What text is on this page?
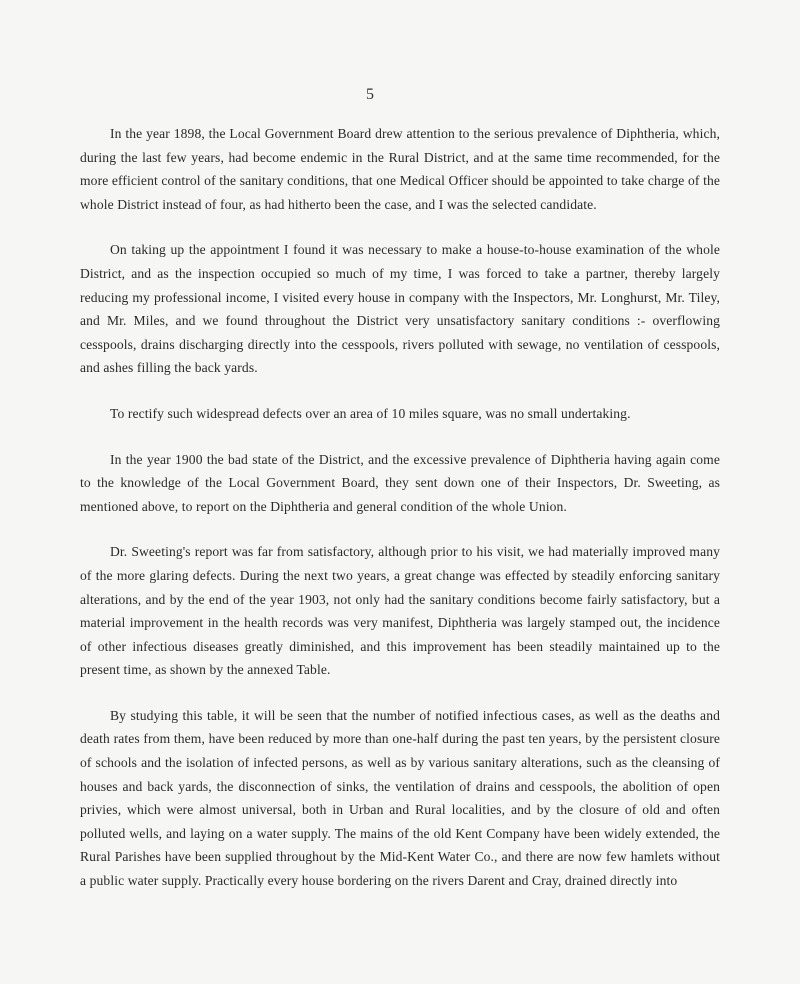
5

In the year 1898, the Local Government Board drew attention to the serious prevalence of Diphtheria, which, during the last few years, had become endemic in the Rural District, and at the same time recommended, for the more efficient control of the sanitary conditions, that one Medical Officer should be appointed to take charge of the whole District instead of four, as had hitherto been the case, and I was the selected candidate.

On taking up the appointment I found it was necessary to make a house-to-house examination of the whole District, and as the inspection occupied so much of my time, I was forced to take a partner, thereby largely reducing my professional income, I visited every house in company with the Inspectors, Mr. Longhurst, Mr. Tiley, and Mr. Miles, and we found throughout the District very unsatisfactory sanitary conditions :- overflowing cesspools, drains discharging directly into the cesspools, rivers polluted with sewage, no ventilation of cesspools, and ashes filling the back yards.

To rectify such widespread defects over an area of 10 miles square, was no small undertaking.

In the year 1900 the bad state of the District, and the excessive prevalence of Diphtheria having again come to the knowledge of the Local Government Board, they sent down one of their Inspectors, Dr. Sweeting, as mentioned above, to report on the Diphtheria and general condition of the whole Union.

Dr. Sweeting's report was far from satisfactory, although prior to his visit, we had materially improved many of the more glaring defects. During the next two years, a great change was effected by steadily enforcing sanitary alterations, and by the end of the year 1903, not only had the sanitary conditions become fairly satisfactory, but a material improvement in the health records was very manifest, Diphtheria was largely stamped out, the incidence of other infectious diseases greatly diminished, and this improvement has been steadily maintained up to the present time, as shown by the annexed Table.

By studying this table, it will be seen that the number of notified infectious cases, as well as the deaths and death rates from them, have been reduced by more than one-half during the past ten years, by the persistent closure of schools and the isolation of infected persons, as well as by various sanitary alterations, such as the cleansing of houses and back yards, the disconnection of sinks, the ventilation of drains and cesspools, the abolition of open privies, which were almost universal, both in Urban and Rural localities, and by the closure of old and often polluted wells, and laying on a water supply. The mains of the old Kent Company have been widely extended, the Rural Parishes have been supplied throughout by the Mid-Kent Water Co., and there are now few hamlets without a public water supply. Practically every house bordering on the rivers Darent and Cray, drained directly into
